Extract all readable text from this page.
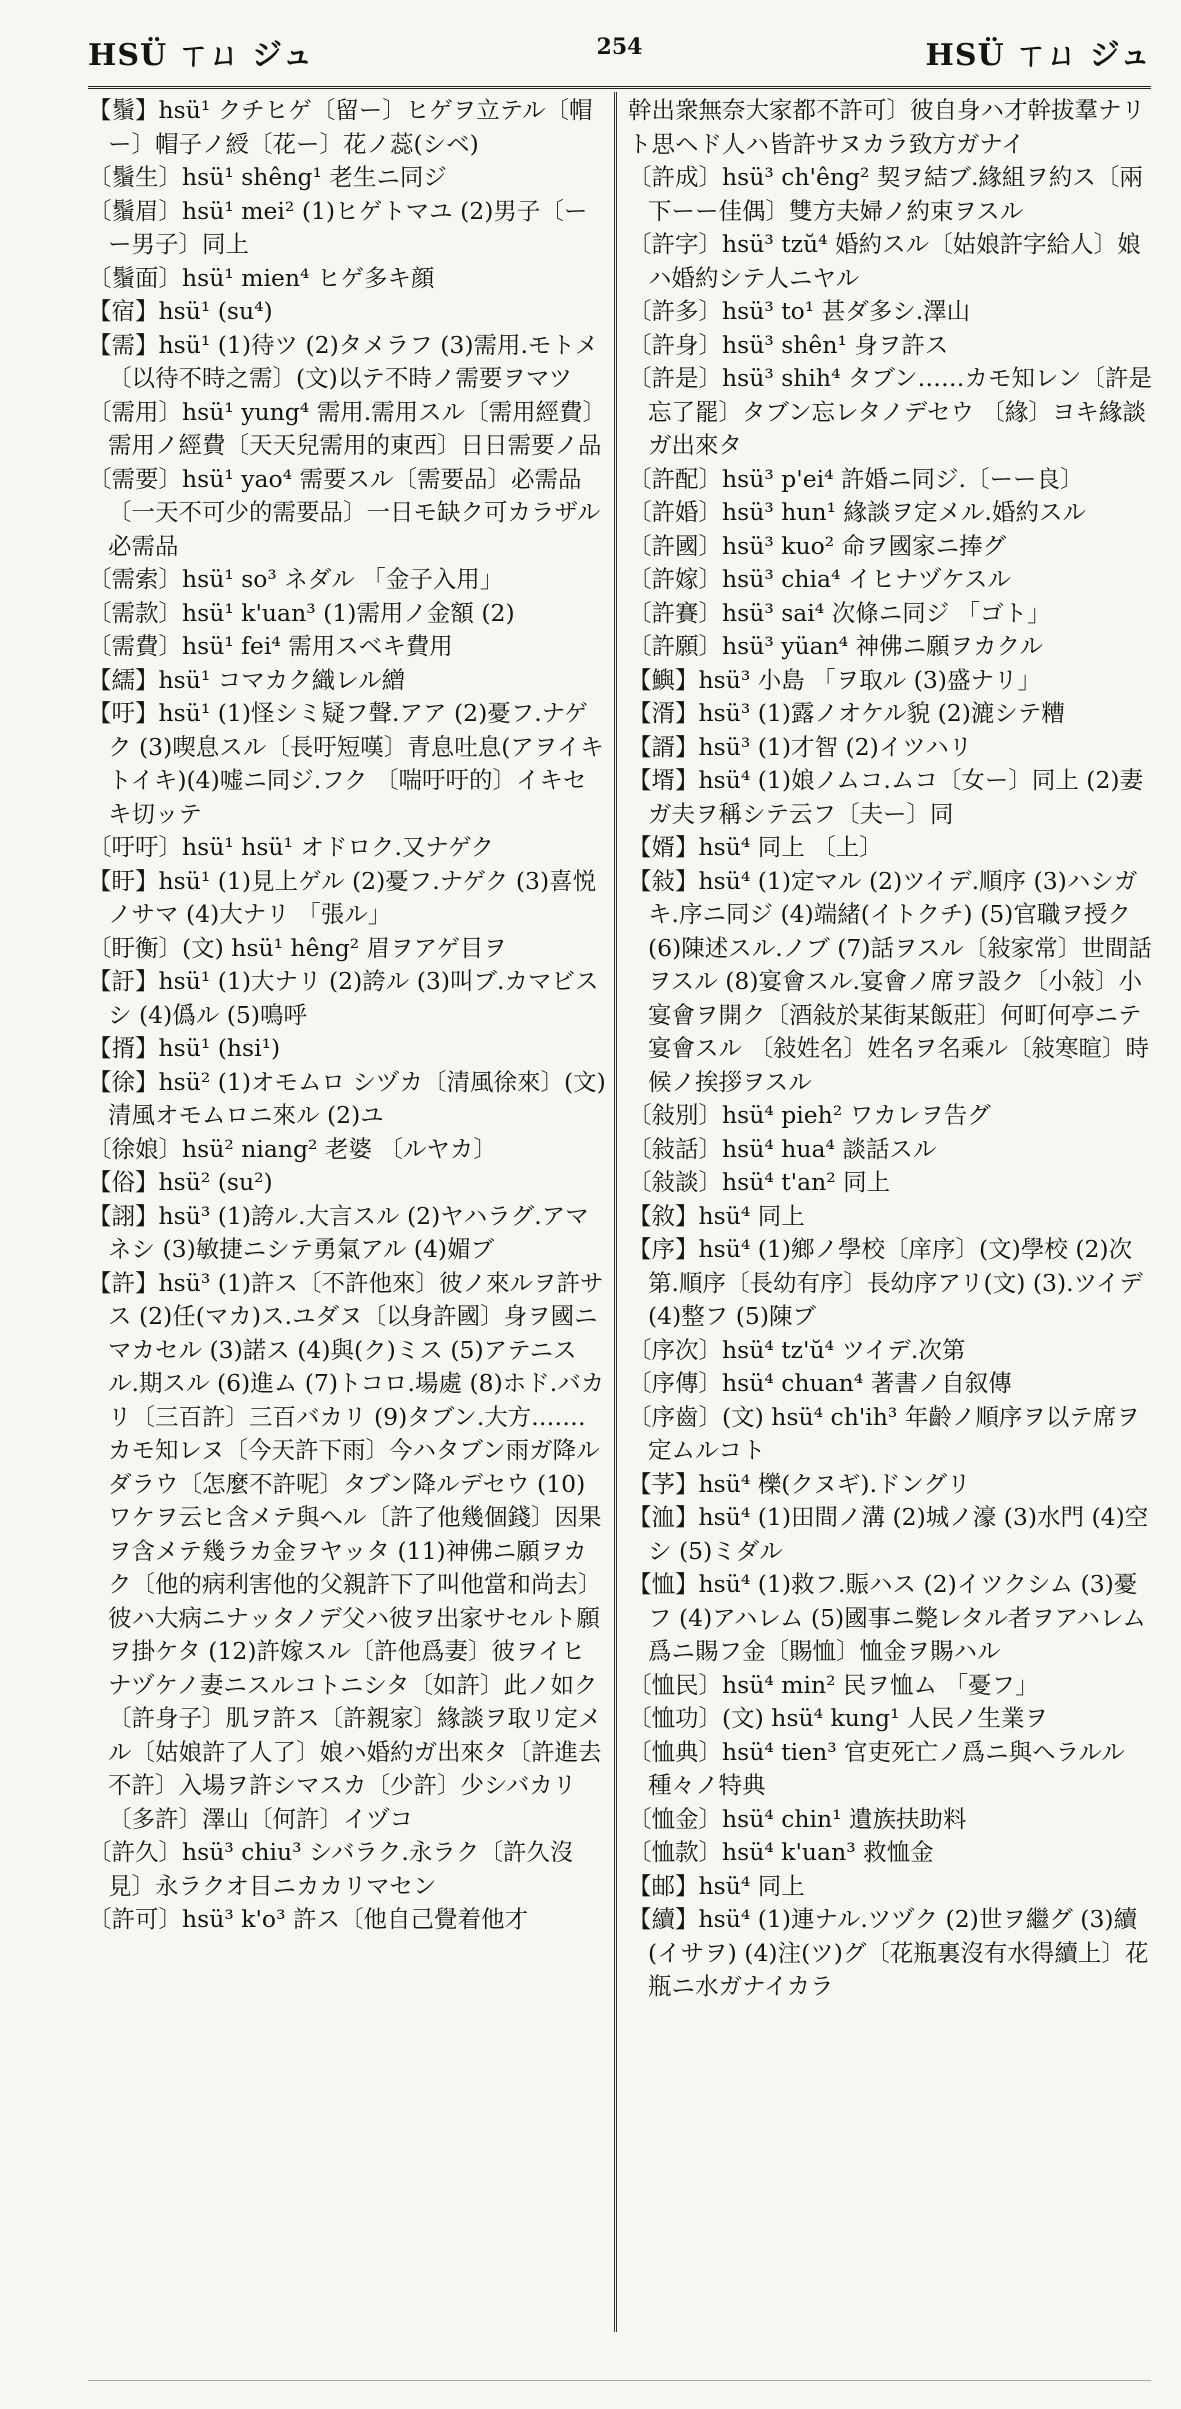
HSÜ ㄒㄩ ジュ	254	HSÜ ㄒㄩ ジュ

【鬚】hsü¹ クチヒゲ〔留ー〕ヒゲヲ立テル〔帽ー〕帽子ノ綬〔花ー〕花ノ蕊(シベ)

〔鬚生〕hsü¹ shêng¹ 老生ニ同ジ

〔鬚眉〕hsü¹ mei² (1)ヒゲトマユ (2)男子〔ーー男子〕同上

〔鬚面〕hsü¹ mien⁴ ヒゲ多キ顔

【宿】hsü¹ (su⁴)

【需】hsü¹ (1)待ツ (2)タメラフ (3)需用.モトメ〔以待不時之需〕(文)以テ不時ノ需要ヲマツ

〔需用〕hsü¹ yung⁴ 需用.需用スル〔需用經費〕需用ノ經費〔天天兒需用的東西〕日日需要ノ品

〔需要〕hsü¹ yao⁴ 需要スル〔需要品〕必需品〔一天不可少的需要品〕一日モ缺ク可カラザル必需品

〔需索〕hsü¹ so³ ネダル 「金子入用」

〔需款〕hsü¹ k'uan³ (1)需用ノ金額 (2)

〔需費〕hsü¹ fei⁴ 需用スベキ費用

【繻】hsü¹ コマカク織レル繒

【吁】hsü¹ (1)怪シミ疑フ聲.アア (2)憂フ.ナゲク (3)喫息スル〔長吁短嘆〕青息吐息(アヲイキトイキ)(4)嘘ニ同ジ.フク 〔喘吁吁的〕イキセキ切ッテ

〔吁吁〕hsü¹ hsü¹ オドロク.又ナゲク

【盱】hsü¹ (1)見上ゲル (2)憂フ.ナゲク (3)喜悦ノサマ (4)大ナリ 「張ル」

〔盱衡〕(文) hsü¹ hêng² 眉ヲアゲ目ヲ

【訏】hsü¹ (1)大ナリ (2)誇ル (3)叫ブ.カマビスシ (4)僞ル (5)鳴呼

【揟】hsü¹ (hsi¹)

【徐】hsü² (1)オモムロ シヅカ〔清風徐來〕(文)清風オモムロニ來ル (2)ユ

〔徐娘〕hsü² niang² 老婆 〔ルヤカ〕

【俗】hsü² (su²)

【詡】hsü³ (1)誇ル.大言スル (2)ヤハラグ.アマネシ (3)敏捷ニシテ勇氣アル (4)媚ブ

【許】hsü³ (1)許ス〔不許他來〕彼ノ來ルヲ許サス (2)任(マカ)ス.ユダヌ〔以身許國〕身ヲ國ニマカセル (3)諾ス (4)與(ク)ミス (5)アテニスル.期スル (6)進ム (7)トコロ.場處 (8)ホド.バカリ〔三百許〕三百バカリ (9)タブン.大方.……カモ知レヌ〔今天許下雨〕今ハタブン雨ガ降ルダラウ〔怎麼不許呢〕タブン降ルデセウ (10)ワケヲ云ヒ含メテ與ヘル〔許了他幾個錢〕因果ヲ含メテ幾ラカ金ヲヤッタ (11)神佛ニ願ヲカク〔他的病利害他的父親許下了叫他當和尚去〕彼ハ大病ニナッタノデ父ハ彼ヲ出家サセルト願ヲ掛ケタ (12)許嫁スル〔許他爲妻〕彼ヲイヒナヅケノ妻ニスルコトニシタ〔如許〕此ノ如ク〔許身子〕肌ヲ許ス〔許親家〕緣談ヲ取リ定メル〔姑娘許了人了〕娘ハ婚約ガ出來タ〔許進去不許〕入場ヲ許シマスカ〔少許〕少シバカリ〔多許〕澤山〔何許〕イヅコ

〔許久〕hsü³ chiu³ シバラク.永ラク〔許久沒見〕永ラクオ目ニカカリマセン

〔許可〕hsü³ k'o³ 許ス〔他自己覺着他才

幹出衆無奈大家都不許可〕彼自身ハ才幹拔羣ナリト思ヘド人ハ皆許サヌカラ致方ガナイ

〔許成〕hsü³ ch'êng² 契ヲ結ブ.緣組ヲ約ス〔兩下ーー佳偶〕雙方夫婦ノ約束ヲスル

〔許字〕hsü³ tzŭ⁴ 婚約スル〔姑娘許字給人〕娘ハ婚約シテ人ニヤル

〔許多〕hsü³ to¹ 甚ダ多シ.澤山

〔許身〕hsü³ shên¹ 身ヲ許ス

〔許是〕hsü³ shih⁴ タブン……カモ知レン〔許是忘了罷〕タブン忘レタノデセウ 〔緣〕ヨキ緣談ガ出來タ

〔許配〕hsü³ p'ei⁴ 許婚ニ同ジ.〔ーー良〕

〔許婚〕hsü³ hun¹ 緣談ヲ定メル.婚約スル

〔許國〕hsü³ kuo² 命ヲ國家ニ捧グ

〔許嫁〕hsü³ chia⁴ イヒナヅケスル

〔許賽〕hsü³ sai⁴ 次條ニ同ジ 「ゴト」

〔許願〕hsü³ yüan⁴ 神佛ニ願ヲカクル

【鱮】hsü³ 小島 「ヲ取ル (3)盛ナリ」

【湑】hsü³ (1)露ノオケル貌 (2)漉シテ糟

【諝】hsü³ (1)才智 (2)イツハリ

【壻】hsü⁴ (1)娘ノムコ.ムコ〔女ー〕同上 (2)妻ガ夫ヲ稱シテ云フ〔夫ー〕同

【婿】hsü⁴ 同上 〔上〕

【敍】hsü⁴ (1)定マル (2)ツイデ.順序 (3)ハシガキ.序ニ同ジ (4)端緒(イトクチ) (5)官職ヲ授ク (6)陳述スル.ノブ (7)話ヲスル〔敍家常〕世間話ヲスル (8)宴會スル.宴會ノ席ヲ設ク〔小敍〕小宴會ヲ開ク〔酒敍於某街某飯莊〕何町何亭ニテ宴會スル 〔敍姓名〕姓名ヲ名乘ル〔敍寒暄〕時候ノ挨拶ヲスル

〔敍別〕hsü⁴ pieh² ワカレヲ告グ

〔敍話〕hsü⁴ hua⁴ 談話スル

〔敍談〕hsü⁴ t'an² 同上

【敘】hsü⁴ 同上

【序】hsü⁴ (1)鄉ノ學校〔庠序〕(文)學校 (2)次第.順序〔長幼有序〕長幼序アリ(文) (3).ツイデ (4)整フ (5)陳ブ

〔序次〕hsü⁴ tz'ŭ⁴ ツイデ.次第

〔序傳〕hsü⁴ chuan⁴ 著書ノ自叙傳

〔序齒〕(文) hsü⁴ ch'ih³ 年齡ノ順序ヲ以テ席ヲ定ムルコト

【芧】hsü⁴ 櫟(クヌギ).ドングリ

【洫】hsü⁴ (1)田間ノ溝 (2)城ノ濠 (3)水門 (4)空シ (5)ミダル

【恤】hsü⁴ (1)救フ.賑ハス (2)イツクシム (3)憂フ (4)アハレム (5)國事ニ斃レタル者ヲアハレム爲ニ賜フ金〔賜恤〕恤金ヲ賜ハル

〔恤民〕hsü⁴ min² 民ヲ恤ム 「憂フ」

〔恤功〕(文) hsü⁴ kung¹ 人民ノ生業ヲ

〔恤典〕hsü⁴ tien³ 官吏死亡ノ爲ニ與ヘラルル種々ノ特典

〔恤金〕hsü⁴ chin¹ 遺族扶助料

〔恤款〕hsü⁴ k'uan³ 救恤金

【邮】hsü⁴ 同上

【續】hsü⁴ (1)連ナル.ツヅク (2)世ヲ繼グ (3)續(イサヲ) (4)注(ツ)グ〔花瓶裏沒有水得續上〕花瓶ニ水ガナイカラ
